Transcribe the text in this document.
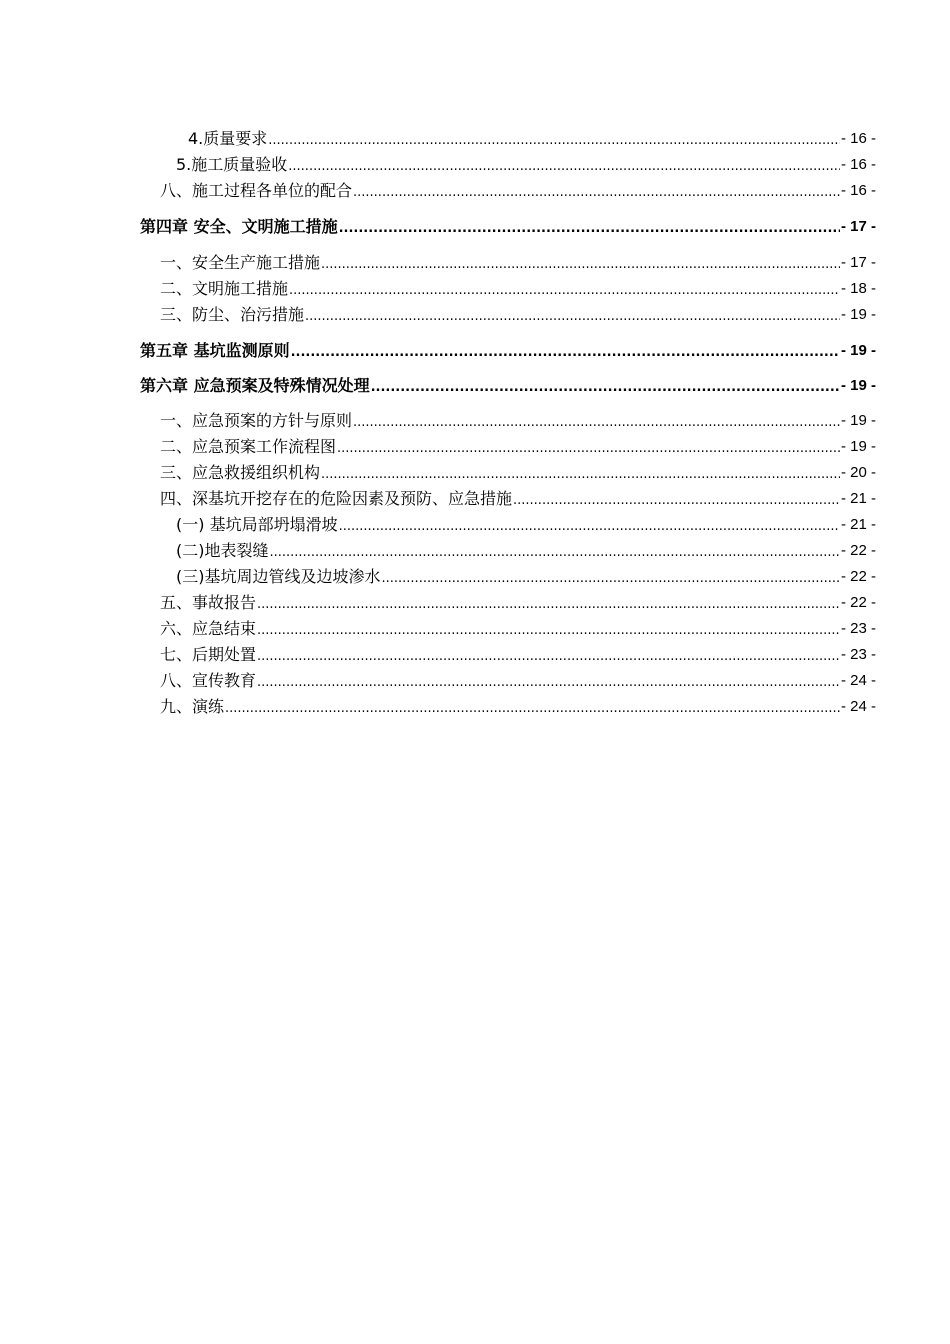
4.质量要求 .....	- 16 -
5.施工质量验收 .....	- 16 -
八、施工过程各单位的配合 .....	- 16 -
第四章 安全、文明施工措施 .....	- 17 -
一、安全生产施工措施 .....	- 17 -
二、文明施工措施 .....	- 18 -
三、防尘、治污措施 .....	- 19 -
第五章 基坑监测原则 .....	- 19 -
第六章 应急预案及特殊情况处理 .....	- 19 -
一、应急预案的方针与原则 .....	- 19 -
二、应急预案工作流程图 .....	- 19 -
三、应急救援组织机构 .....	- 20 -
四、深基坑开挖存在的危险因素及预防、应急措施 .....	- 21 -
(一) 基坑局部坍塌滑坡 .....	- 21 -
(二)地表裂缝 .....	- 22 -
(三)基坑周边管线及边坡渗水 .....	- 22 -
五、事故报告 .....	- 22 -
六、应急结束 .....	- 23 -
七、后期处置 .....	- 23 -
八、宣传教育 .....	- 24 -
九、演练 .....	- 24 -
